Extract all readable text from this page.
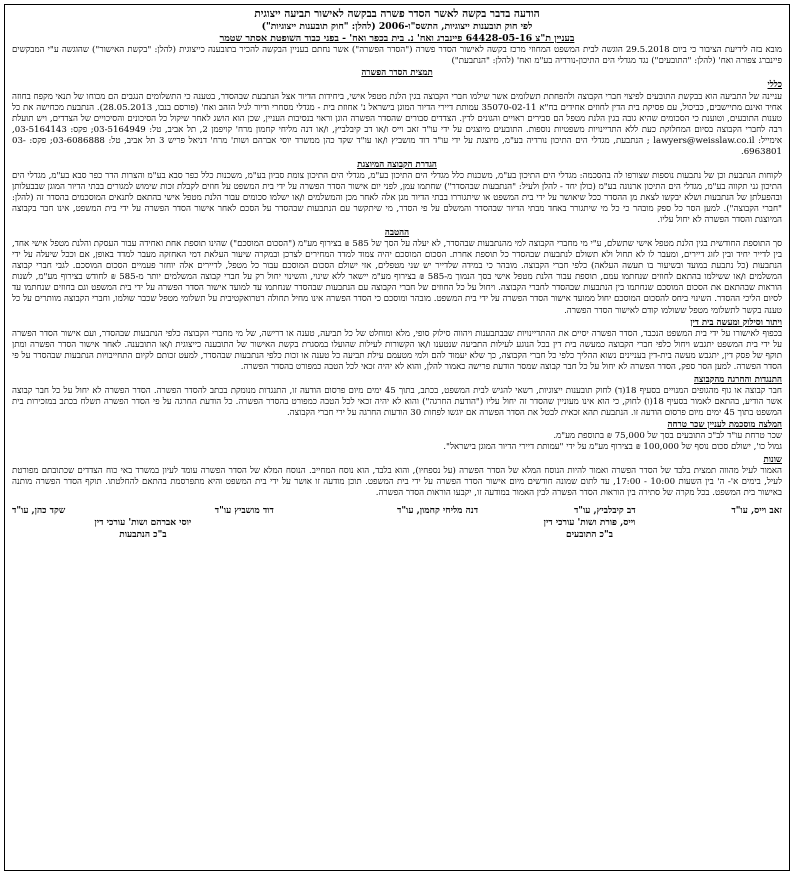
הודעה בדבר בקשה לאשר הסדר פשרה בבקשה לאישור תביעה ייצוגית
לפי חוק תובענות ייצוגיות, התשס"ו-2006 (להלן: "חוק תובענות ייצוגיות")
בעניין ת"צ 64428-05-16 פיינברג ואח' נ. בית בכפר ואח' - בפני כבוד השופטת אסתר שטמר

מובא בזה לידיעת הציבור כי ביום 29.5.2018 הוגשה לבית המשפט המחוזי מרכז בקשה לאישור הסדר פשרה ("הסדר הפשרה") אשר נחתם בעניין הבקשה להכיר בתובענה כייצוגית (להלן: "בקשת האישור") שהוגשה ע"י המבקשים פיינברג צפורה ואח' (להלן: "התובעים") נגד מגדלי הים התיכון-נורדיה בע"מ ואח' (להלן: "הנתבעת")

תמצית הסדר הפשרה
כללי

עניינה של התביעה הוא בבקשת התובעים לפיצוי חברי הקבוצה ולהפחתת תשלומים אשר שילמו חברי הקבוצה בגין הלנת מטפל אישי, ביחידות הדיור אצל הנתבעת שבהסדר, בטענה כי התשלומים הנגבים הם מכוחו של תנאי מקפח בחוזה אחיד ואינם מתיישבים, כביכול, עם פסיקת בית הדין לחוזים אחידים בח"א 35070-02-11 עמותת דיירי הדיור המוגן בישראל נ' אחוזת בית - מגדלי מסחרי ודיור לגיל הזהב ואח' (פורסם בנבו, 28.05.2013). הנתבעת מכחישה את כל טענות התובעים, וטוענת כי הסכומים שהיא גובה בגין הלנת מטפל הם סבירים ראויים והגונים לדין. הצדדים סבורים שהסדר הפשרה הוגן וראוי בנסיבות העניין, שכן הוא הושג לאחר שיקול כל הסיכונים והסיכויים של הצדדים, ויש תועלת רבה לחברי הקבוצה בסיום המחלוקת כעת ללא התדיינויות משפטיות נוספות. התובעים מיוצגים על ידי עו"ד זאב וייס ו/או דב קיבלביץ, ו/או דנה מליחי קחמון מרח' קויפמן 2, תל אביב, טל: 03-5164949; פקס: 03-5164143, אימייל: lawyers@weisslaw.co.il ; הנתבעת, מגדלי הים התיכון נורדיה בע"מ, מיוצגת על ידי עו"ד דוד מושביץ ו/או עו"ד שקד כהן ממשרד יוסי אברהם ושות' מרח' דניאל פריש 3 תל אביב, טל: 03-6086888; פקס: 03-6963801.

הגדרת הקבוצה המיוצגת

לקוחות הנתבעת וכן של נתבעות נוספות שצורפו לה בהסכמה: מגדלי הים התיכון בע"מ, משכנות כלל מגדלי הים התיכון בע"מ, מגדלי הים התיכון צומת סביון בע"מ, משכנות כלל כפר סבא בע"מ והצרות הדר כפר סבא בע"מ, מגדלי הים התיכון גני תקווה בע"מ, מגדלי הים התיכון ארנונה בע"מ (כולן יחד - להלן ולעיל: "הנתבעות שבהסדר") שחתמו עמן, לפני יום אישור הסדר הפשרה על ידי בית המשפט על חוזים לקבלת זכות שימוש למגורים בבתי הדיור המוגן שבבעלותן ובהפעלתן של הנתבעות ושלא יבקשו לצאת מן ההסדר ככל שיאושר על ידי בית המשפט או שיתגוררו בבתי הדיור מגן אלה לאחר מכן והמשלמים ו/או ישלמו סכומים עבור הלנת מטפל אישי בהתאם לתנאים המוסכמים בהסדר זה (להלן: "חברי הקבוצה"). למען הסר כל ספק מובהר כי כל מי שיתגורר באחד מבתי הדיור שבהסדר והמשלם על פי הסדר, מי שיתקשר עם הנתבעות שבהסדר על הסכם לאחר אישור הסדר הפשרה על ידי בית המשפט, אינו חבר בקבוצה המיוצגת והסדר הפשרה לא יחול עליו.

ההטבה

סך התוספת החודשית בגין הלנת מטפל אישי שתשלם, ע"י מי מחברי הקבוצה למי מהנתבעות שבהסדר, לא יעלה על הסך של 585 ₪ בצירוף מע"מ ("הסכום המוסכם") שהינו תוספת אחת ואחידה עבור העסקת והלנת מטפל אישי אחד, בין לדייר יחיד ובין לזוג דיירים, ומעבר לו לא תחול ולא תשולם לנתבעות שבהסדר כל תוספת אחרת. הסכום המוסכם יהיה צמוד למדד המחירים לצרכן ובמקרה שיעור העלאת דמי האחזקה מעבר למדד באופן, אם וככל שיעלה על ידי הנתבעות (כל נתבעת במועד ובשיעור בו תעשה העלאה) כלפי חברי הקבוצה. מובהר כי במידה שלדייר יש שני מטפלים, אזי ישולם הסכום המוסכם עבור כל מטפל, לדיירים אלה יוחזר פעמיים הסכום המוסכם. לגבי חברי קבוצה המשלמים ו/או ששילמו בהתאם לחוזים שנחתמו עמם, תוספת עבור הלנת מטפל אישי בסך הנמוך מ-585 ₪ בצירוף מע"מ יישאר ללא שינוי, והשינוי יחול רק על חברי קבוצה המשלמים יותר מ-585 ₪ לחודש בצירוף מע"מ, לשנות הוראות שבהתאם את הסכום המוסכם שנחתמו בין הנתבעות שבהסדר לחברי הקבוצה. ויחול על כל החוזים של חברי הקבוצה עם הנתבעות שבהסדר שנחתמו עד למועד אישור הסדר הפשרה על ידי בית המשפט וגם בחוזים שנחתמו עד לסיום הליכי ההסדר. השינוי ביחס להסכום המוסכם יחול ממועד אישור הסדר הפשרה על ידי בית המשפט. מובהר ומוסכם כי הסדר הפשרה אינו מחיל תחולה רטרואקטיבית על תשלומי מטפל שכבר שולמו, וחברי הקבוצה מוותרים על כל טענה בקשר לתשלומי מטפל ששולמו קודם לאישור הסדר הפשרה.

ויתור וסילוק ומעשה בית דין

בכפוף לאישורו על ידי בית המשפט הנכבד, הסדר הפשרה יסיים את ההתדיינויות שבבתבענות ויהווה סילוק סופי, מלא ומוחלט של כל תביעה, טענה או דרישה, של מי מחברי הקבוצה כלפי הנתבעות שבהסדר, ועם אישור הסדר הפשרה על ידי בית המשפט יתגבש ויחול כלפי חברי הקבוצה כמעשה בית דין בכל הנוגע לעילות התביעה שנטענו ו/או הקשורות לעילות שהועלו במסגרת בקשת האישור של התובענה כייצוגית ו/או התובענה. לאחר אישור הסדר הפשרה ומתן תוקף של פסק דין, יתגבש מעשה בית-דין בעניינים נשוא ההליך כלפי כל חברי הקבוצה, כך שלא יעמוד להם ולמי מטעמם עילת תביעה כל טענה או זכות כלפי הנתבעות שבהסדר, למעט זכותם לקיום התחייבויות הנתבעות שבהסדר על פי הסדר הפשרה. למען הסר ספק, הסדר הפשרה לא יחול על כל חבר קבוצה שמסר הודעת פרישה כאמור להלן, והוא לא יהיה זכאי לכל הטבה כמפורט בהסדר הפשרה.

התנגדות והחרגה מהקבוצה

חבר קבוצה או גוף מהגופים המנויים בסעיף 18(ד) לחוק תובענות ייצוגיות, רשאי להגיש לבית המשפט, בכתב, בתוך 45 ימים מיום פרסום הודעה זו, התנגדות מנומקת בכתב להסדר הפשרה. הסדר הפשרה לא יחול על כל חבר קבוצה אשר הודיע, בהתאם לאמור בסעיף 18(ו) לחוק, כי הוא אינו מעוניין שהסדר זה יחול עליו ("הודעת החרגה") והוא לא יהיה זכאי לכל הטבה כמפורט בהסדר הפשרה. כל הודעת החרגה על פי הסדר הפשרה תשלח בכתב במזכירות בית המשפט בתוך 45 ימים מיום פרסום הודעה זו. הנתבעת תהא זכאית לבטל את הסדר הפשרה אם יוגשו לפחות 30 הודעות החרגה על ידי חברי הקבוצה.

המלצה מוסכמת לעניין שכר טרחה

שכר טרחת עו"ד לב"כ התובעים בסך של 75,000 ₪ בתוספת מע"מ.

גמול כו', ישולם סכום נוסף של 100,000 ₪ בצירוף מע"מ על ידי "עמותת דיירי הדיור המוגן בישראל".

שונות

האמור לעיל מהווה תמצית בלבד של הסדר הפשרה ואמור להיות הנוסח המלא של הסדר הפשרה (על נספחיו), והוא בלבד, הוא נוסח המחייב. הנוסח המלא של הסדר הפשרה עומד לעיון במשרד באי כוח הצדדים שכתובתם מפורטת לעיל, בימים א'- ה' בין השעות 10:00 - 17:00, עד לתום שמונה חודשים מיום אישור הסדר הפשרה על ידי בית המשפט. תוכן מודעה זו אושר על ידי בית המשפט והיא מתפרסמת בהתאם להחלטתו. תוקף הסדר הפשרה מותנה באישור בית המשפט. בכל מקרה של סתירה בין הוראות הסדר הפשרה לבין האמור במודעה זו, יקבעו הוראות הסדר הפשרה.

זאב וייס, עו"ד
דב קיבלביץ, עו"ד
דנה מליחי קחמון, עו"ד
וייס, פורת ושות' עורכי דין
ב"כ התובעים
דוד מושביץ עו"ד
שקד כהן, עו"ד
יוסי אברהם ושות' עורכי דין
ב"כ הנתבעות
